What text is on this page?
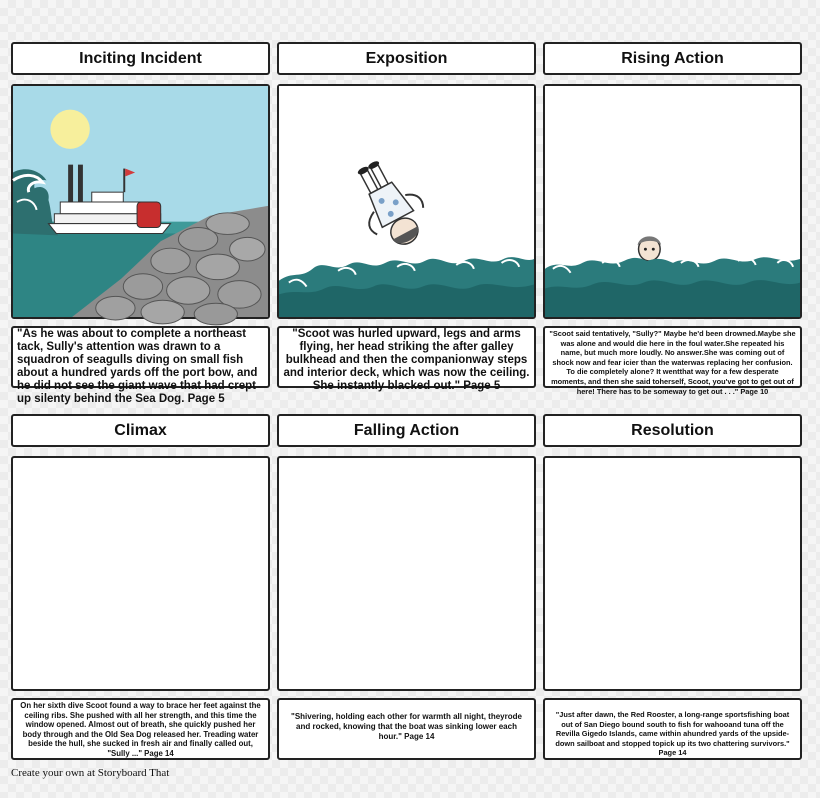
Inciting Incident	Exposition	Rising Action
"As he was about to complete a northeast tack, Sully's attention was drawn to a squadron of seagulls diving on small fish about a hundred yards off the port bow, and he did not see the giant wave that had crept up silenty behind the Sea Dog. Page 5
"Scoot was hurled upward, legs and arms flying, her head striking the after galley bulkhead and then the companionway steps and interior deck, which was now the ceiling. She instantly blacked out." Page 5
"Scoot said tentatively, "Sully?" Maybe he'd been drowned.Maybe she was alone and would die here in the foul water.She repeated his name, but much more loudly. No answer.She was coming out of shock now and fear icier than the waterwas replacing her confusion. To die completely alone? It wentthat way for a few desperate moments, and then she said toherself, Scoot, you've got to get out of here! There has to be someway to get out . . ." Page 10
Climax	Falling Action	Resolution
On her sixth dive Scoot found a way to brace her feet against the ceiling ribs. She pushed with all her strength, and this time the window opened. Almost out of breath, she quickly pushed her body through and the Old Sea Dog released her. Treading water beside the hull, she sucked in fresh air and finally called out, "Sully ..." Page 14
"Shivering, holding each other for warmth all night, theyrode and rocked, knowing that the boat was sinking lower each hour." Page 14
"Just after dawn, the Red Rooster, a long-range sportsfishing boat out of San Diego bound south to fish for wahooand tuna off the Revilla Gigedo Islands, came within ahundred yards of the upside-down sailboat and stopped topick up its two chattering survivors." Page 14
Create your own at Storyboard That
